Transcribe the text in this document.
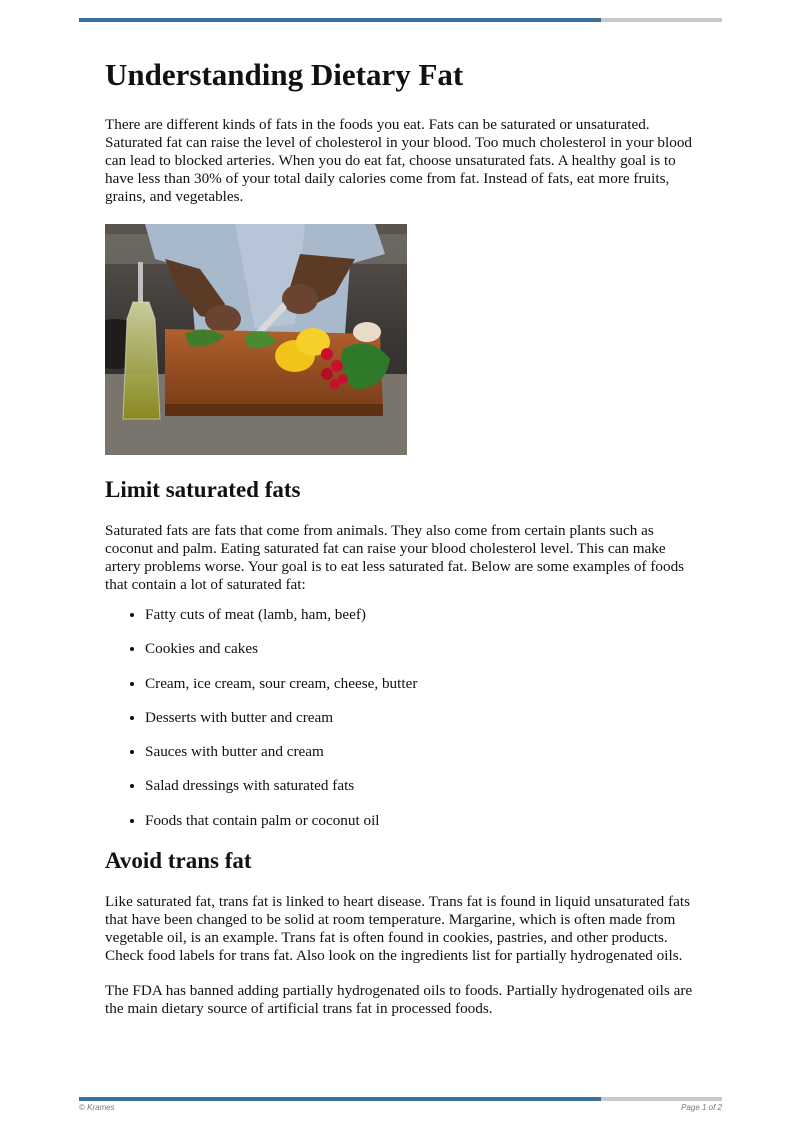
Understanding Dietary Fat

There are different kinds of fats in the foods you eat. Fats can be saturated or unsaturated. Saturated fat can raise the level of cholesterol in your blood. Too much cholesterol in your blood can lead to blocked arteries. When you do eat fat, choose unsaturated fats. A healthy goal is to have less than 30% of your total daily calories come from fat. Instead of fats, eat more fruits, grains, and vegetables.

Limit saturated fats

Saturated fats are fats that come from animals. They also come from certain plants such as coconut and palm. Eating saturated fat can raise your blood cholesterol level. This can make artery problems worse. Your goal is to eat less saturated fat. Below are some examples of foods that contain a lot of saturated fat:

• Fatty cuts of meat (lamb, ham, beef)
• Cookies and cakes
• Cream, ice cream, sour cream, cheese, butter
• Desserts with butter and cream
• Sauces with butter and cream
• Salad dressings with saturated fats
• Foods that contain palm or coconut oil
Avoid trans fat

Like saturated fat, trans fat is linked to heart disease. Trans fat is found in liquid unsaturated fats that have been changed to be solid at room temperature. Margarine, which is often made from vegetable oil, is an example. Trans fat is often found in cookies, pastries, and other products. Check food labels for trans fat. Also look on the ingredients list for partially hydrogenated oils.

The FDA has banned adding partially hydrogenated oils to foods. Partially hydrogenated oils are the main dietary source of artificial trans fat in processed foods.

© Krames	Page 1 of 2
